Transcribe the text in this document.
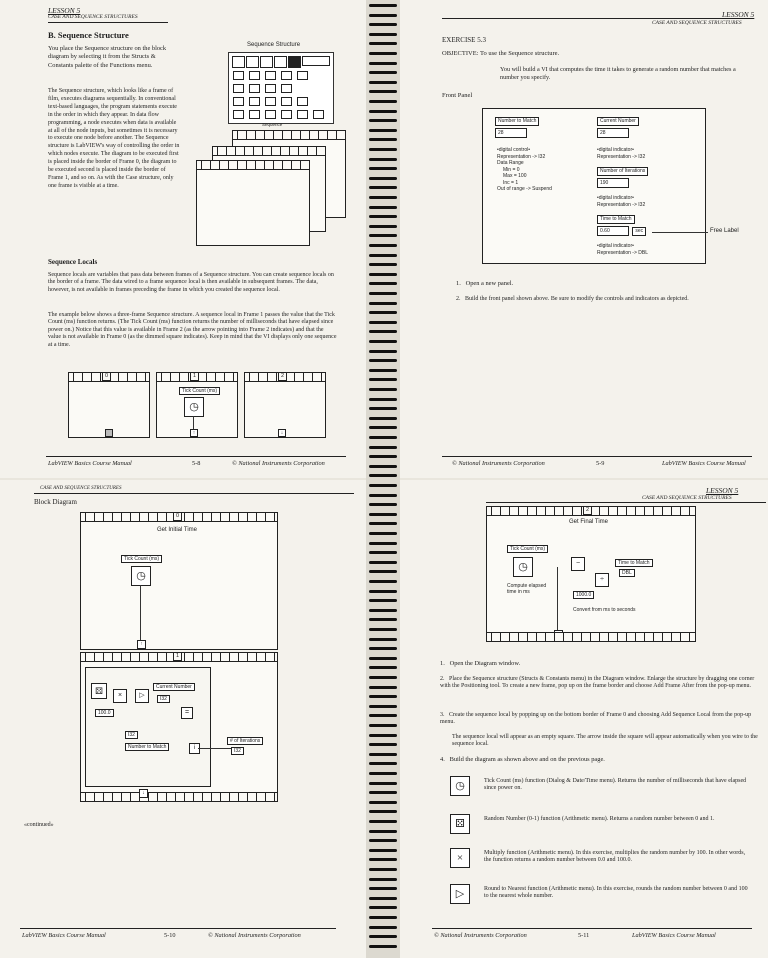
LESSON 5
CASE AND SEQUENCE STRUCTURES
B. Sequence Structure
You place the Sequence structure on the block diagram by selecting it from the Structs & Constants palette of the Functions menu.
Sequence Structure
Sequence
The Sequence structure, which looks like a frame of film, executes diagrams sequentially. In conventional text-based languages, the program statements execute in the order in which they appear. In data flow programming, a node executes when data is available at all of the node inputs, but sometimes it is necessary to execute one node before another. The Sequence structure is LabVIEW's way of controlling the order in which nodes execute. The diagram to be executed first is placed inside the border of Frame 0, the diagram to be executed second is placed inside the border of Frame 1, and so on. As with the Case structure, only one frame is visible at a time.
Sequence Locals
Sequence locals are variables that pass data between frames of a Sequence structure. You can create sequence locals on the border of a frame. The data wired to a frame sequence local is then available in subsequent frames. The data, however, is not available in frames preceding the frame in which you created the sequence local.
The example below shows a three-frame Sequence structure. A sequence local in Frame 1 passes the value that the Tick Count (ms) function returns. (The Tick Count (ms) function returns the number of milliseconds that have elapsed since power on.) Notice that this value is available in Frame 2 (as the arrow pointing into Frame 2 indicates) and that the value is not available in Frame 0 (as the dimmed square indicates). Keep in mind that the VI displays only one sequence at a time.
0	1
Tick Count (ms)
◷
↑
2
↓
LabVIEW Basics Course Manual	5-8	© National Instruments Corporation
LESSON 5
CASE AND SEQUENCE STRUCTURES
EXERCISE 5.3
OBJECTIVE: To use the Sequence structure.
You will build a VI that computes the time it takes to generate a random number that matches a number you specify.
Front Panel
Number to Match
28
•digital control•
Representation -> I32
Data Range
Min = 0
Max = 100
Inc = 1
Out of range -> Suspend
Current Number
28
•digital indicator•
Representation -> I32
Number of Iterations
190
•digital indicator•
Representation -> I32
Time to Match
0.60	sec
•digital indicator•
Representation -> DBL
Free Label
1.   Open a new panel.
2.   Build the front panel shown above. Be sure to modify the controls and indicators as depicted.
© National Instruments Corporation	5-9	LabVIEW Basics Course Manual
CASE AND SEQUENCE STRUCTURES
Block Diagram
0
Get Initial Time
Tick Count (ms)
◷
↑
1
⚄	×	▷
100.0
Current Number
I32
=
I32
Number to Match	i
# of Iterations
I32
↓
«continued»
LabVIEW Basics Course Manual	5-10	© National Instruments Corporation
LESSON 5
CASE AND SEQUENCE STRUCTURES
2
Get Final Time
Tick Count (ms)
◷	−
÷
Time to Match
DBL
Compute elapsed time in ms	1000.0
Convert from ms to seconds
1.   Open the Diagram window.
2.   Place the Sequence structure (Structs & Constants menu) in the Diagram window. Enlarge the structure by dragging one corner with the Positioning tool. To create a new frame, pop up on the frame border and choose Add Frame After from the pop-up menu.
3.   Create the sequence local by popping up on the bottom border of Frame 0 and choosing Add Sequence Local from the pop-up menu.
The sequence local will appear as an empty square. The arrow inside the square will appear automatically when you wire to the sequence local.
4.   Build the diagram as shown above and on the previous page.
◷	Tick Count (ms) function (Dialog & Date/Time menu). Returns the number of milliseconds that have elapsed since power on.
⚄	Random Number (0-1) function (Arithmetic menu). Returns a random number between 0 and 1.
×	Multiply function (Arithmetic menu). In this exercise, multiplies the random number by 100. In other words, the function returns a random number between 0.0 and 100.0.
▷	Round to Nearest function (Arithmetic menu). In this exercise, rounds the random number between 0 and 100 to the nearest whole number.
© National Instruments Corporation	5-11	LabVIEW Basics Course Manual
